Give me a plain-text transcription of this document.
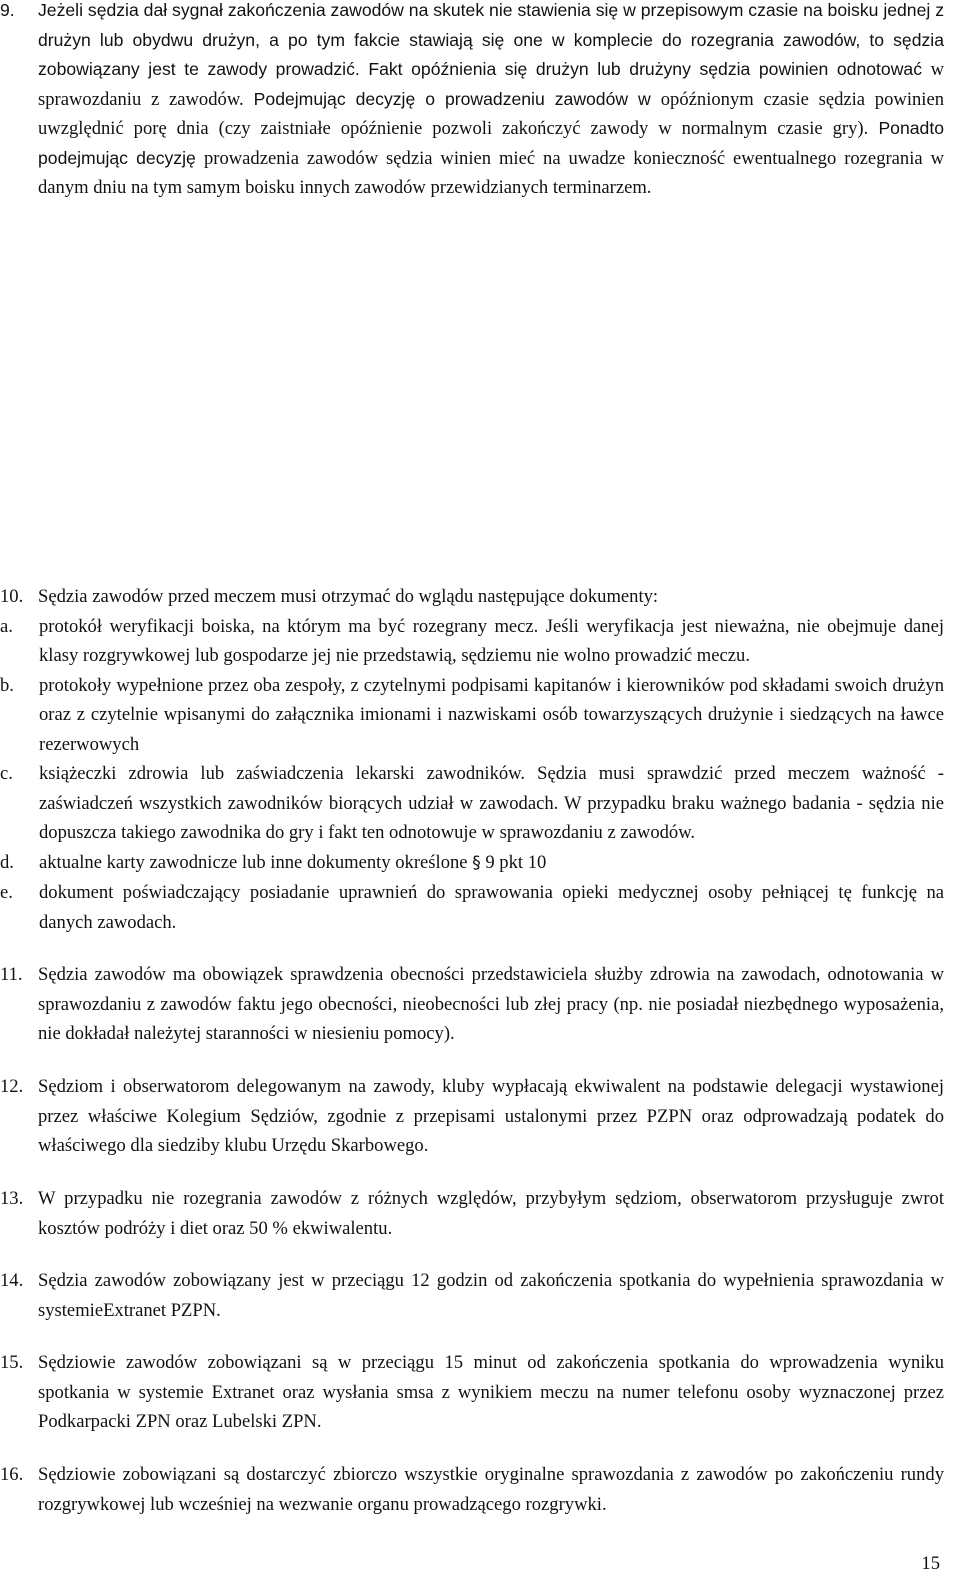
9.	Jeżeli sędzia dał sygnał zakończenia zawodów na skutek nie stawienia się w przepisowym czasie na boisku jednej z drużyn lub obydwu drużyn, a po tym fakcie stawiają się one w komplecie do rozegrania zawodów, to sędzia zobowiązany jest te zawody prowadzić. Fakt opóźnienia się drużyn lub drużyny sędzia powinien odnotować w sprawozdaniu z zawodów. Podejmując decyzję o prowadzeniu zawodów w opóźnionym czasie sędzia powinien uwzględnić porę dnia (czy zaistniałe opóźnienie pozwoli zakończyć zawody w normalnym czasie gry). Ponadto podejmując decyzję prowadzenia zawodów sędzia winien mieć na uwadze konieczność ewentualnego rozegrania w danym dniu na tym samym boisku innych zawodów przewidzianych terminarzem.
10. Sędzia zawodów przed meczem musi otrzymać do wglądu następujące dokumenty:
a.	protokół weryfikacji boiska, na którym ma być rozegrany mecz. Jeśli weryfikacja jest nieważna, nie obejmuje danej klasy rozgrywkowej lub gospodarze jej nie przedstawią, sędziemu nie wolno prowadzić meczu.
b.	protokoły wypełnione przez oba zespoły, z czytelnymi podpisami kapitanów i kierowników pod składami swoich drużyn oraz z czytelnie wpisanymi do załącznika imionami i nazwiskami osób towarzyszących drużynie i siedzących na ławce rezerwowych
c.	książeczki zdrowia lub zaświadczenia lekarski zawodników. Sędzia musi sprawdzić przed meczem ważność - zaświadczeń wszystkich zawodników biorących udział w zawodach. W przypadku braku ważnego badania - sędzia nie dopuszcza takiego zawodnika do gry i fakt ten odnotowuje w sprawozdaniu z zawodów.
d.	aktualne karty zawodnicze lub inne dokumenty określone § 9 pkt 10
e.	dokument poświadczający posiadanie uprawnień do sprawowania opieki medycznej osoby pełniącej tę funkcję na danych zawodach.
11. Sędzia zawodów ma obowiązek sprawdzenia obecności przedstawiciela służby zdrowia na zawodach, odnotowania w sprawozdaniu z zawodów faktu jego obecności, nieobecności lub złej pracy (np. nie posiadał niezbędnego wyposażenia, nie dokładał należytej staranności w niesieniu pomocy).
12. Sędziom i obserwatorom delegowanym na zawody, kluby wypłacają ekwiwalent na podstawie delegacji wystawionej przez właściwe Kolegium Sędziów, zgodnie z przepisami ustalonymi przez PZPN oraz odprowadzają podatek do właściwego dla siedziby klubu Urzędu Skarbowego.
13. W przypadku nie rozegrania zawodów z różnych względów, przybyłym sędziom, obserwatorom przysługuje zwrot kosztów podróży i diet oraz 50 % ekwiwalentu.
14. Sędzia zawodów zobowiązany jest w przeciągu 12 godzin od zakończenia spotkania do wypełnienia sprawozdania w systemieExtranet PZPN.
15. Sędziowie zawodów zobowiązani są w przeciągu 15 minut od zakończenia spotkania do wprowadzenia wyniku spotkania w systemie Extranet oraz wysłania smsa z wynikiem meczu na numer telefonu osoby wyznaczonej przez Podkarpacki ZPN oraz Lubelski ZPN.
16. Sędziowie zobowiązani są dostarczyć zbiorczo wszystkie oryginalne sprawozdania z zawodów po zakończeniu rundy rozgrywkowej lub wcześniej na wezwanie organu prowadzącego rozgrywki.
15
